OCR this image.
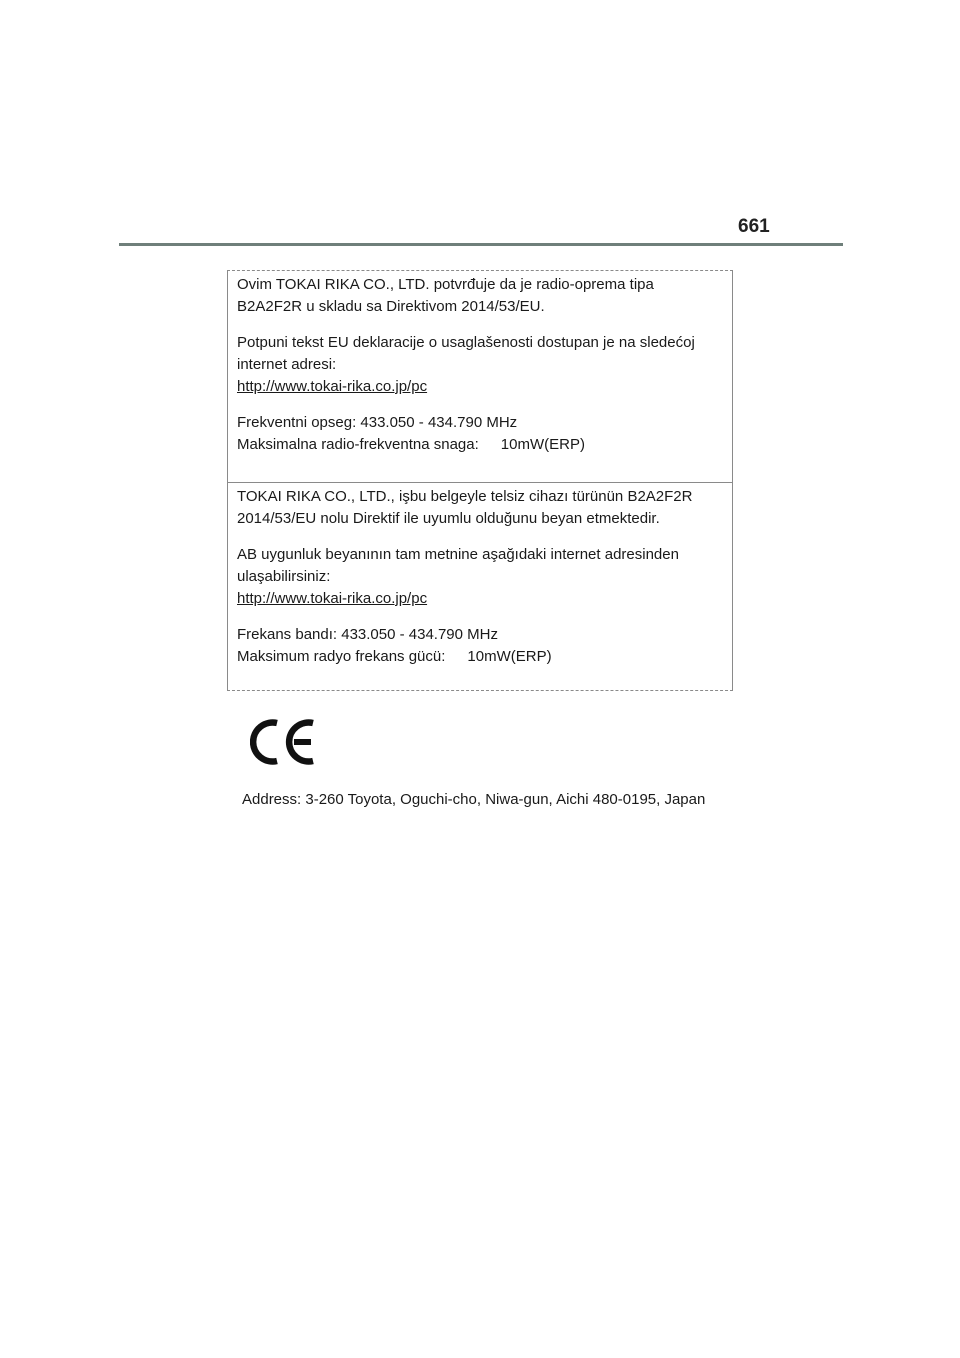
661
Ovim TOKAI RIKA CO., LTD. potvrđuje da je radio-oprema tipa
B2A2F2R u skladu sa Direktivom 2014/53/EU.
Potpuni tekst EU deklaracije o usaglašenosti dostupan je na sledećoj
internet adresi:
http://www.tokai-rika.co.jp/pc
Frekventni opseg: 433.050 - 434.790 MHz
Maksimalna radio-frekventna snaga: 10mW(ERP)
TOKAI RIKA CO., LTD., işbu belgeyle telsiz cihazı türünün B2A2F2R
2014/53/EU nolu Direktif ile uyumlu olduğunu beyan etmektedir.
AB uygunluk beyanının tam metnine aşağıdaki internet adresinden
ulaşabilirsiniz:
http://www.tokai-rika.co.jp/pc
Frekans bandı: 433.050 - 434.790 MHz
Maksimum radyo frekans gücü: 10mW(ERP)
Address: 3-260 Toyota, Oguchi-cho, Niwa-gun, Aichi 480-0195, Japan
